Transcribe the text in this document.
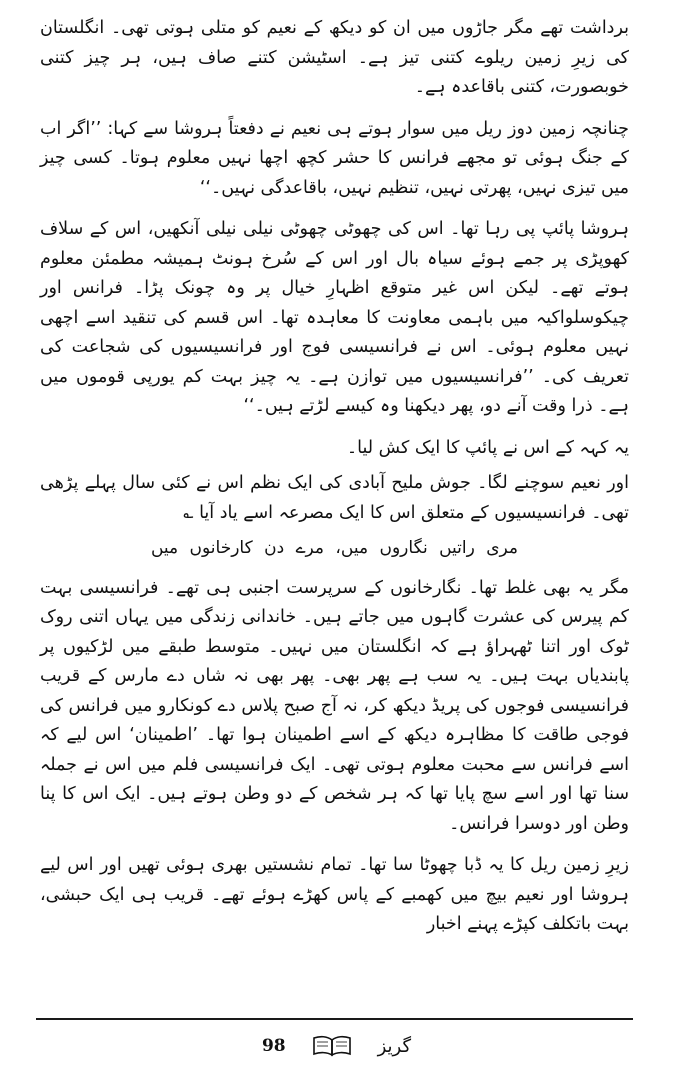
برداشت تھے مگر جاڑوں میں ان کو دیکھ کے نعیم کو متلی ہوتی تھی۔ انگلستان کی زیرِ زمین ریلوے کتنی تیز ہے۔ اسٹیشن کتنے صاف ہیں، ہر چیز کتنی خوبصورت، کتنی باقاعدہ ہے۔

چنانچہ زمین دوز ریل میں سوار ہوتے ہی نعیم نے دفعتاً ہروشا سے کہا: ’’اگر اب کے جنگ ہوئی تو مجھے فرانس کا حشر کچھ اچھا نہیں معلوم ہوتا۔ کسی چیز میں تیزی نہیں، پھرتی نہیں، تنظیم نہیں، باقاعدگی نہیں۔‘‘

ہروشا پائپ پی رہا تھا۔ اس کی چھوٹی چھوٹی نیلی نیلی آنکھیں، اس کے سلاف کھوپڑی پر جمے ہوئے سیاہ بال اور اس کے سُرخ ہونٹ ہمیشہ مطمئن معلوم ہوتے تھے۔ لیکن اس غیر متوقع اظہارِ خیال پر وہ چونک پڑا۔ فرانس اور چیکوسلواکیہ میں باہمی معاونت کا معاہدہ تھا۔ اس قسم کی تنقید اسے اچھی نہیں معلوم ہوئی۔ اس نے فرانسیسی فوج اور فرانسیسیوں کی شجاعت کی تعریف کی۔ ’’فرانسیسیوں میں توازن ہے۔ یہ چیز بہت کم یورپی قوموں میں ہے۔ ذرا وقت آنے دو، پھر دیکھنا وہ کیسے لڑتے ہیں۔‘‘

یہ کہہ کے اس نے پائپ کا ایک کش لیا۔

اور نعیم سوچنے لگا۔ جوش ملیح آبادی کی ایک نظم اس نے کئی سال پہلے پڑھی تھی۔ فرانسیسیوں کے متعلق اس کا ایک مصرعہ اسے یاد آیا ؎

مری راتیں نگاروں میں، مرے دن کارخانوں میں

مگر یہ بھی غلط تھا۔ نگارخانوں کے سرپرست اجنبی ہی تھے۔ فرانسیسی بہت کم پیرس کی عشرت گاہوں میں جاتے ہیں۔ خاندانی زندگی میں یہاں اتنی روک ٹوک اور اتنا ٹھہراؤ ہے کہ انگلستان میں نہیں۔ متوسط طبقے میں لڑکیوں پر پابندیاں بہت ہیں۔ یہ سب ہے پھر بھی۔ پھر بھی نہ شاں دے مارس کے قریب فرانسیسی فوجوں کی پریڈ دیکھ کر، نہ آج صبح پلاس دے کونکارو میں فرانس کی فوجی طاقت کا مظاہرہ دیکھ کے اسے اطمینان ہوا تھا۔ ’اطمینان‘ اس لیے کہ اسے فرانس سے محبت معلوم ہوتی تھی۔ ایک فرانسیسی فلم میں اس نے جملہ سنا تھا اور اسے سچ پایا تھا کہ ہر شخص کے دو وطن ہوتے ہیں۔ ایک اس کا پنا وطن اور دوسرا فرانس۔

زیرِ زمین ریل کا یہ ڈبا چھوٹا سا تھا۔ تمام نشستیں بھری ہوئی تھیں اور اس لیے ہروشا اور نعیم بیچ میں کھمبے کے پاس کھڑے ہوئے تھے۔ قریب ہی ایک حبشی، بہت باتکلف کپڑے پہنے اخبار

98	گریز
